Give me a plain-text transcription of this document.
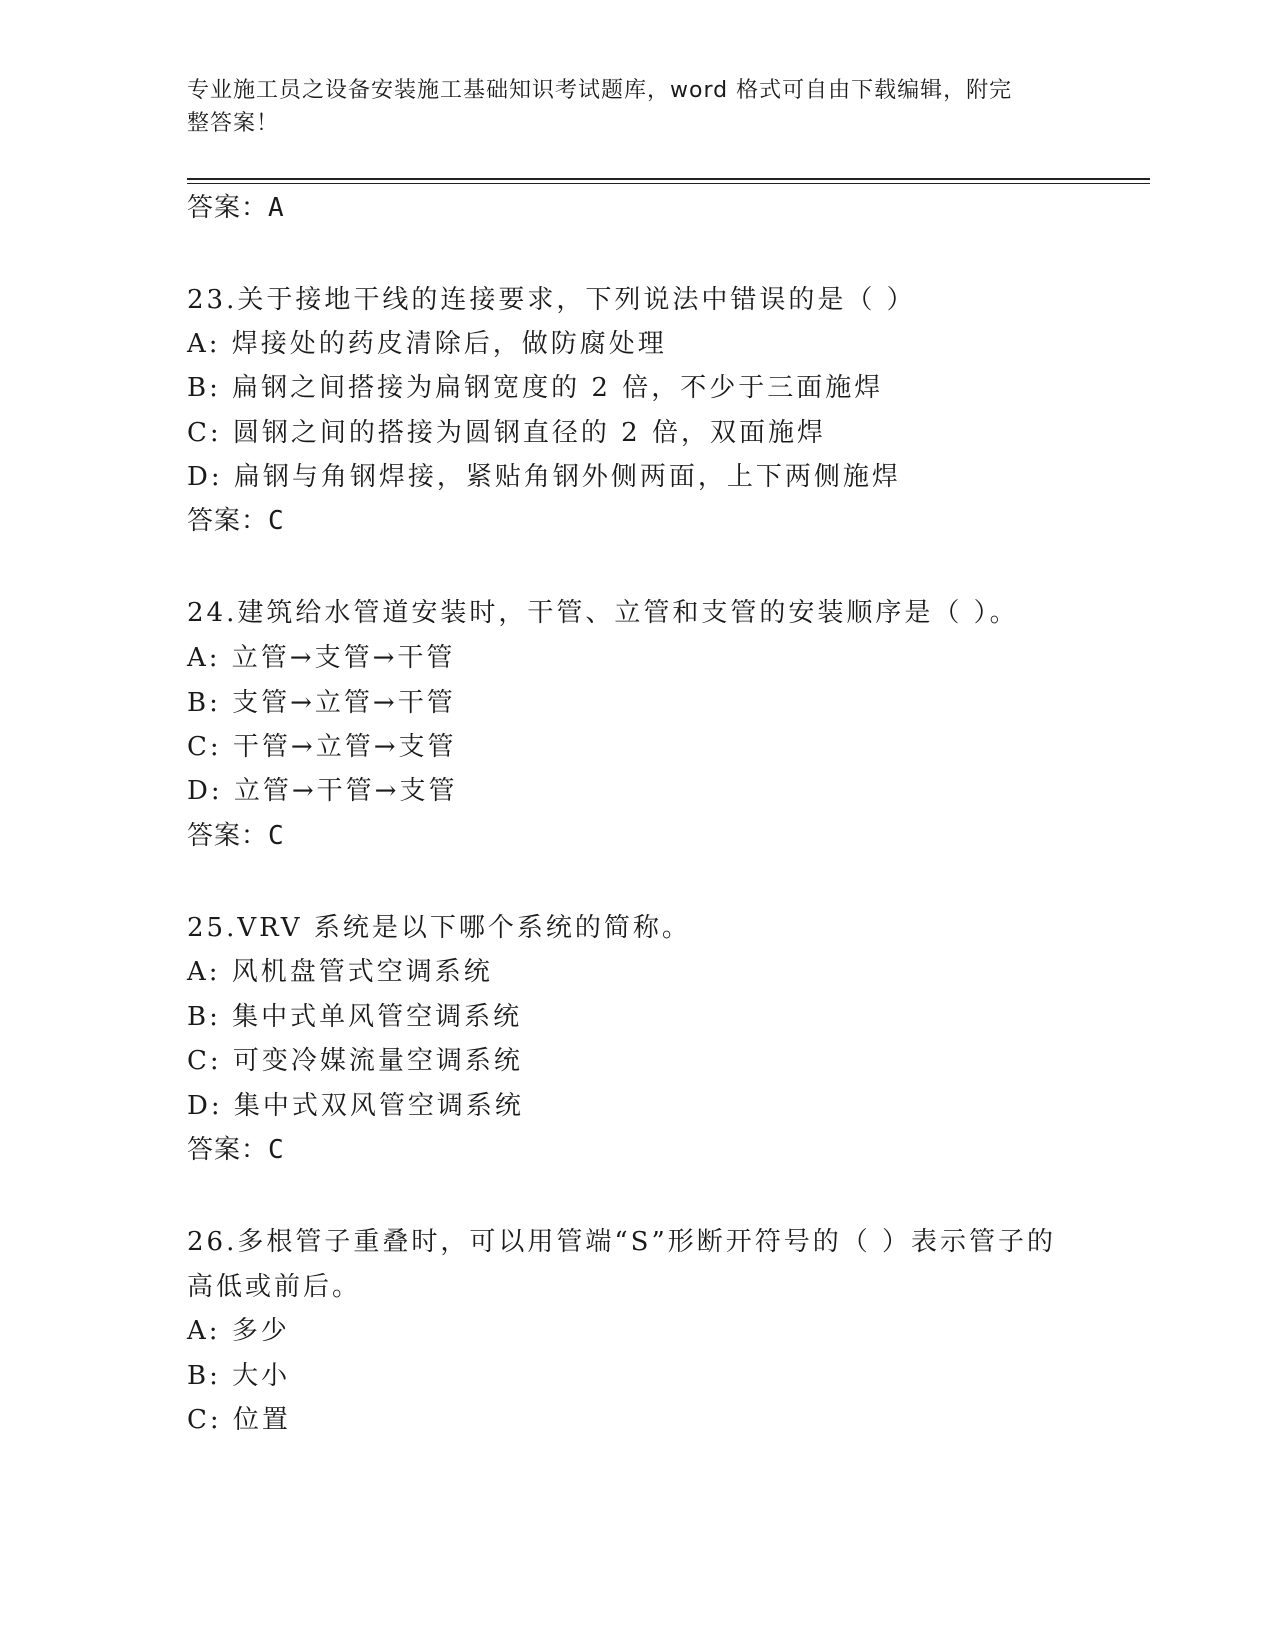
专业施工员之设备安装施工基础知识考试题库，word 格式可自由下载编辑，附完
整答案！
答案：A
23.关于接地干线的连接要求，下列说法中错误的是（ ）
A: 焊接处的药皮清除后，做防腐处理
B: 扁钢之间搭接为扁钢宽度的 2 倍，不少于三面施焊
C: 圆钢之间的搭接为圆钢直径的 2 倍，双面施焊
D: 扁钢与角钢焊接，紧贴角钢外侧两面，上下两侧施焊
答案：C
24.建筑给水管道安装时，干管、立管和支管的安装顺序是（ ）。
A: 立管→支管→干管
B: 支管→立管→干管
C: 干管→立管→支管
D: 立管→干管→支管
答案：C
25.VRV 系统是以下哪个系统的简称。
A: 风机盘管式空调系统
B: 集中式单风管空调系统
C: 可变冷媒流量空调系统
D: 集中式双风管空调系统
答案：C
26.多根管子重叠时，可以用管端“S”形断开符号的（ ）表示管子的
高低或前后。
A: 多少
B: 大小
C: 位置
